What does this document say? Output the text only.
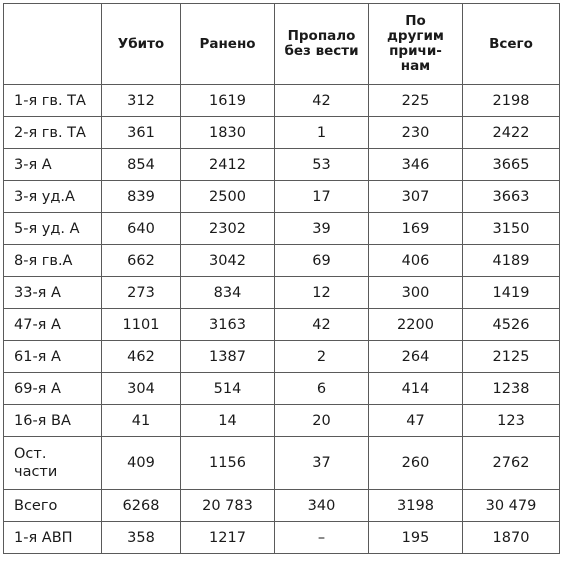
	Убито	Ранено	Пропало
без вести	По
другим
причи-
нам	Всего
1-я гв. ТА	312	1619	42	225	2198
2-я гв. ТА	361	1830	1	230	2422
3-я А	854	2412	53	346	3665
3-я уд.А	839	2500	17	307	3663
5-я уд. А	640	2302	39	169	3150
8-я гв.А	662	3042	69	406	4189
33-я А	273	834	12	300	1419
47-я А	1101	3163	42	2200	4526
61-я А	462	1387	2	264	2125
69-я А	304	514	6	414	1238
16-я ВА	41	14	20	47	123
Ост.
части	409	1156	37	260	2762
Всего	6268	20 783	340	3198	30 479
1-я АВП	358	1217	–	195	1870
